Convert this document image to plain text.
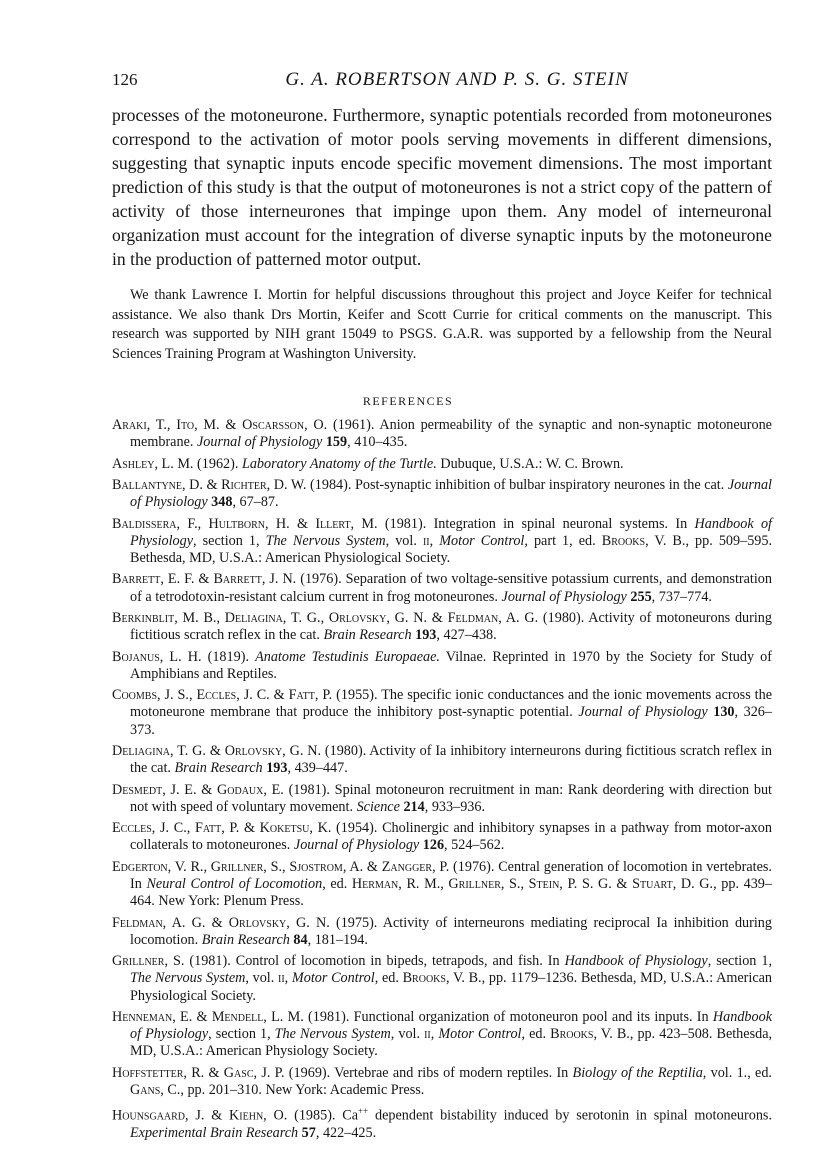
126	G. A. ROBERTSON AND P. S. G. STEIN

processes of the motoneurone. Furthermore, synaptic potentials recorded from motoneurones correspond to the activation of motor pools serving movements in different dimensions, suggesting that synaptic inputs encode specific movement dimensions. The most important prediction of this study is that the output of motoneurones is not a strict copy of the pattern of activity of those interneurones that impinge upon them. Any model of interneuronal organization must account for the integration of diverse synaptic inputs by the motoneurone in the production of patterned motor output.

We thank Lawrence I. Mortin for helpful discussions throughout this project and Joyce Keifer for technical assistance. We also thank Drs Mortin, Keifer and Scott Currie for critical comments on the manuscript. This research was supported by NIH grant 15049 to PSGS. G.A.R. was supported by a fellowship from the Neural Sciences Training Program at Washington University.

REFERENCES

Araki, T., Ito, M. & Oscarsson, O. (1961). Anion permeability of the synaptic and non-synaptic motoneurone membrane. Journal of Physiology 159, 410–435.

Ashley, L. M. (1962). Laboratory Anatomy of the Turtle. Dubuque, U.S.A.: W. C. Brown.

Ballantyne, D. & Richter, D. W. (1984). Post-synaptic inhibition of bulbar inspiratory neurones in the cat. Journal of Physiology 348, 67–87.

Baldissera, F., Hultborn, H. & Illert, M. (1981). Integration in spinal neuronal systems. In Handbook of Physiology, section 1, The Nervous System, vol. ii, Motor Control, part 1, ed. Brooks, V. B., pp. 509–595. Bethesda, MD, U.S.A.: American Physiological Society.

Barrett, E. F. & Barrett, J. N. (1976). Separation of two voltage-sensitive potassium currents, and demonstration of a tetrodotoxin-resistant calcium current in frog motoneurones. Journal of Physiology 255, 737–774.

Berkinblit, M. B., Deliagina, T. G., Orlovsky, G. N. & Feldman, A. G. (1980). Activity of motoneurons during fictitious scratch reflex in the cat. Brain Research 193, 427–438.

Bojanus, L. H. (1819). Anatome Testudinis Europaeae. Vilnae. Reprinted in 1970 by the Society for Study of Amphibians and Reptiles.

Coombs, J. S., Eccles, J. C. & Fatt, P. (1955). The specific ionic conductances and the ionic movements across the motoneurone membrane that produce the inhibitory post-synaptic potential. Journal of Physiology 130, 326–373.

Deliagina, T. G. & Orlovsky, G. N. (1980). Activity of Ia inhibitory interneurons during fictitious scratch reflex in the cat. Brain Research 193, 439–447.

Desmedt, J. E. & Godaux, E. (1981). Spinal motoneuron recruitment in man: Rank deordering with direction but not with speed of voluntary movement. Science 214, 933–936.

Eccles, J. C., Fatt, P. & Koketsu, K. (1954). Cholinergic and inhibitory synapses in a pathway from motor-axon collaterals to motoneurones. Journal of Physiology 126, 524–562.

Edgerton, V. R., Grillner, S., Sjostrom, A. & Zangger, P. (1976). Central generation of locomotion in vertebrates. In Neural Control of Locomotion, ed. Herman, R. M., Grillner, S., Stein, P. S. G. & Stuart, D. G., pp. 439–464. New York: Plenum Press.

Feldman, A. G. & Orlovsky, G. N. (1975). Activity of interneurons mediating reciprocal Ia inhibition during locomotion. Brain Research 84, 181–194.

Grillner, S. (1981). Control of locomotion in bipeds, tetrapods, and fish. In Handbook of Physiology, section 1, The Nervous System, vol. ii, Motor Control, ed. Brooks, V. B., pp. 1179–1236. Bethesda, MD, U.S.A.: American Physiological Society.

Henneman, E. & Mendell, L. M. (1981). Functional organization of motoneuron pool and its inputs. In Handbook of Physiology, section 1, The Nervous System, vol. ii, Motor Control, ed. Brooks, V. B., pp. 423–508. Bethesda, MD, U.S.A.: American Physiology Society.

Hoffstetter, R. & Gasc, J. P. (1969). Vertebrae and ribs of modern reptiles. In Biology of the Reptilia, vol. 1., ed. Gans, C., pp. 201–310. New York: Academic Press.

Hounsgaard, J. & Kiehn, O. (1985). Ca++ dependent bistability induced by serotonin in spinal motoneurons. Experimental Brain Research 57, 422–425.
